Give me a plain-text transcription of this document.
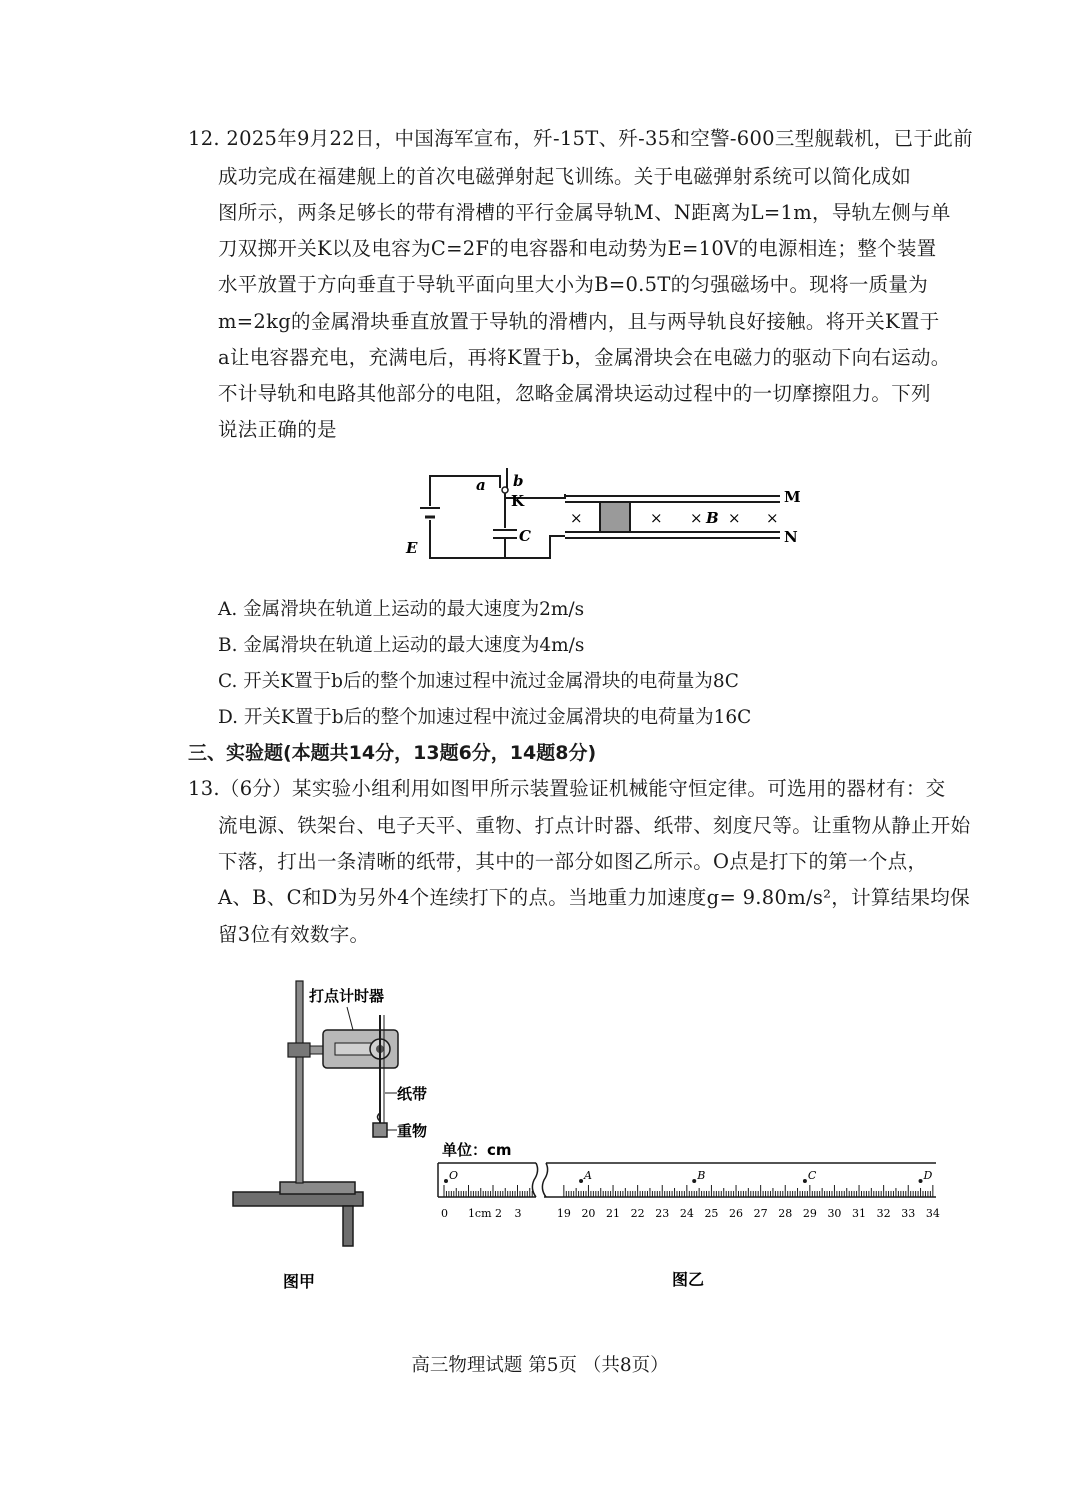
12. 2025年9月22日，中国海军宣布，歼-15T、歼-35和空警-600三型舰载机，已于此前
成功完成在福建舰上的首次电磁弹射起飞训练。关于电磁弹射系统可以简化成如
图所示，两条足够长的带有滑槽的平行金属导轨M、N距离为L=1m，导轨左侧与单
刀双掷开关K以及电容为C=2F的电容器和电动势为E=10V的电源相连；整个装置
水平放置于方向垂直于导轨平面向里大小为B=0.5T的匀强磁场中。现将一质量为
m=2kg的金属滑块垂直放置于导轨的滑槽内，且与两导轨良好接触。将开关K置于
a让电容器充电，充满电后，再将K置于b，金属滑块会在电磁力的驱动下向右运动。
不计导轨和电路其他部分的电阻，忽略金属滑块运动过程中的一切摩擦阻力。下列
说法正确的是
×	× × × ×
a b
K
E
C
M
N
B
A. 金属滑块在轨道上运动的最大速度为2m/s
B. 金属滑块在轨道上运动的最大速度为4m/s
C. 开关K置于b后的整个加速过程中流过金属滑块的电荷量为8C
D. 开关K置于b后的整个加速过程中流过金属滑块的电荷量为16C
三、实验题(本题共14分，13题6分，14题8分)
13.（6分）某实验小组利用如图甲所示装置验证机械能守恒定律。可选用的器材有：交
流电源、铁架台、电子天平、重物、打点计时器、纸带、刻度尺等。让重物从静止开始
下落，打出一条清晰的纸带，其中的一部分如图乙所示。O点是打下的第一个点，
A、B、C和D为另外4个连续打下的点。当地重力加速度g= 9.80m/s²，计算结果均保
留3位有效数字。
打点计时器
纸带
重物
图甲
单位：cm
0 1cm 2 3	19 20 21 22 23 24 25 26 27 28 29 30 31 32 33 34
O	A	B	C	D
图乙
高三物理试题 第5页 （共8页）
